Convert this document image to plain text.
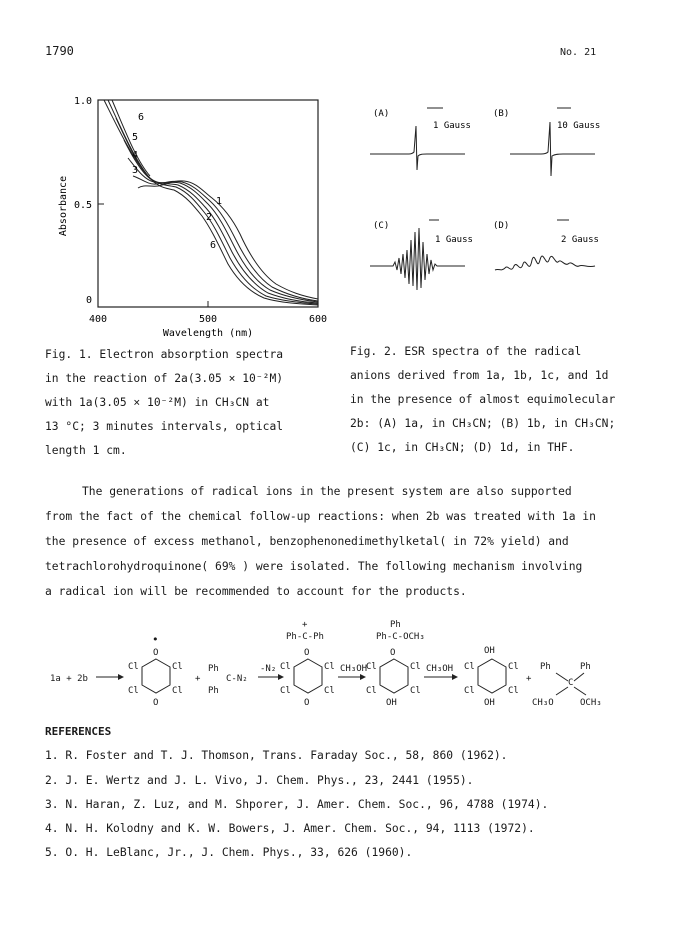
1790	No. 21
0
0.5
1.0
400	500	600
Wavelength (nm)
Absorbance	1
2
3
4
5
6
6
Fig. 1. Electron absorption spectra
in the reaction of 2a(3.05 × 10⁻²M)
with 1a(3.05 × 10⁻²M) in CH₃CN at
13 °C; 3 minutes intervals, optical
length 1 cm.
(A)
1 Gauss
(B)
10 Gauss
(C)
1 Gauss
(D)
2 Gauss
Fig. 2. ESR spectra of the radical
anions derived from 1a, 1b, 1c, and 1d
in the presence of almost equimolecular
2b: (A) 1a, in CH₃CN; (B) 1b, in CH₃CN;
(C) 1c, in CH₃CN; (D) 1d, in THF.
The generations of radical ions in the present system are also supported
from the fact of the chemical follow-up reactions: when 2b was treated with 1a in
the presence of excess methanol, benzophenonedimethylketal( in 72% yield) and
tetrachlorohydroquinone( 69% ) were isolated. The following mechanism involving
a radical ion will be recommended to account for the products.
1a + 2b
•
O
Cl	Cl
Cl	Cl
O
+
Ph
Ph
C-N₂
-N₂
+
Ph-C-Ph
O
Cl	Cl
Cl	Cl
O
CH₃OH
Ph
Ph-C-OCH₃
O
Cl	Cl
Cl	Cl
OH
CH₃OH
OH
Cl	Cl
Cl	Cl
OH
+
Ph	Ph
C
CH₃O	OCH₃
REFERENCES
1. R. Foster and T. J. Thomson, Trans. Faraday Soc., 58, 860 (1962).
2. J. E. Wertz and J. L. Vivo, J. Chem. Phys., 23, 2441 (1955).
3. N. Haran, Z. Luz, and M. Shporer, J. Amer. Chem. Soc., 96, 4788 (1974).
4. N. H. Kolodny and K. W. Bowers, J. Amer. Chem. Soc., 94, 1113 (1972).
5. O. H. LeBlanc, Jr., J. Chem. Phys., 33, 626 (1960).
